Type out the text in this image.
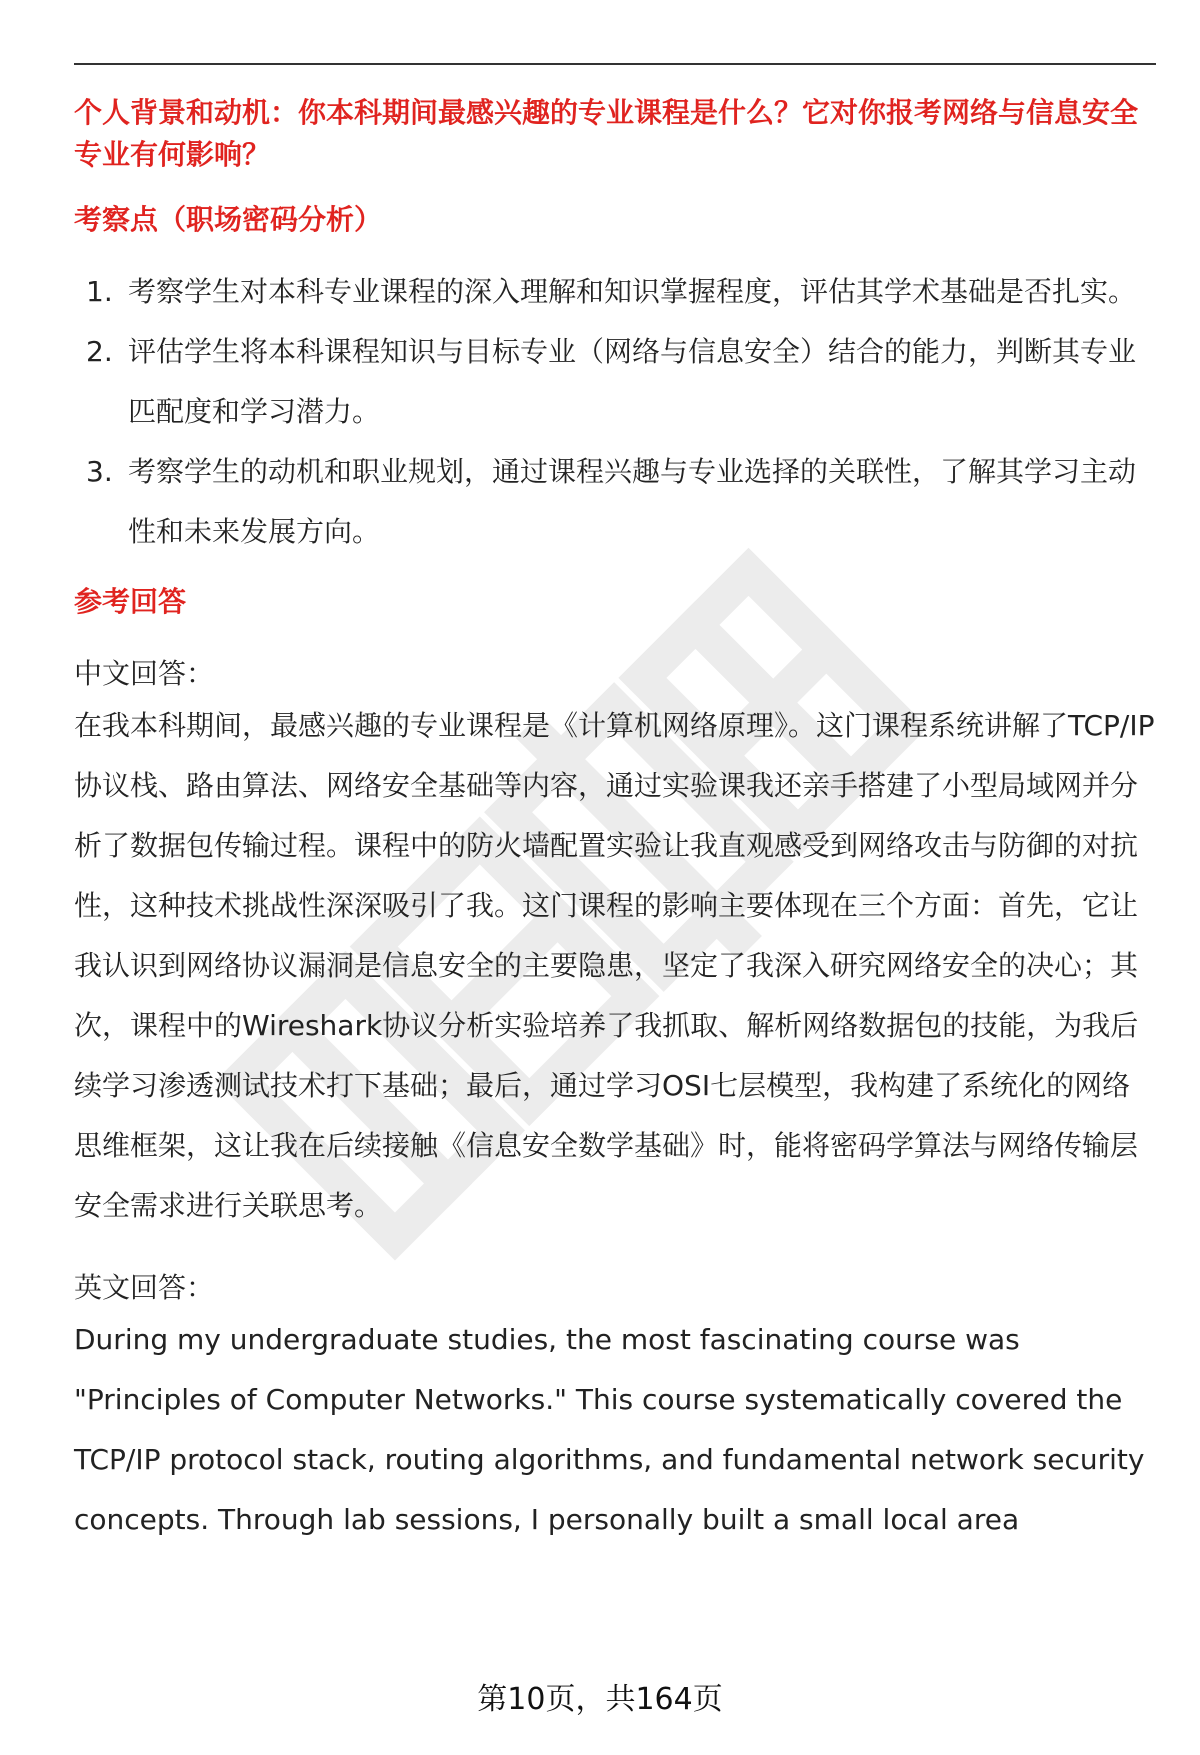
个人背景和动机：你本科期间最感兴趣的专业课程是什么？它对你报考网络与信息安全专业有何影响？

考察点（职场密码分析）

1. 考察学生对本科专业课程的深入理解和知识掌握程度，评估其学术基础是否扎实。
2. 评估学生将本科课程知识与目标专业（网络与信息安全）结合的能力，判断其专业匹配度和学习潜力。
3. 考察学生的动机和职业规划，通过课程兴趣与专业选择的关联性，了解其学习主动性和未来发展方向。

参考回答

中文回答：

在我本科期间，最感兴趣的专业课程是《计算机网络原理》。这门课程系统讲解了TCP/IP协议栈、路由算法、网络安全基础等内容，通过实验课我还亲手搭建了小型局域网并分析了数据包传输过程。课程中的防火墙配置实验让我直观感受到网络攻击与防御的对抗性，这种技术挑战性深深吸引了我。这门课程的影响主要体现在三个方面：首先，它让我认识到网络协议漏洞是信息安全的主要隐患，坚定了我深入研究网络安全的决心；其次，课程中的Wireshark协议分析实验培养了我抓取、解析网络数据包的技能，为我后续学习渗透测试技术打下基础；最后，通过学习OSI七层模型，我构建了系统化的网络思维框架，这让我在后续接触《信息安全数学基础》时，能将密码学算法与网络传输层安全需求进行关联思考。

英文回答：

During my undergraduate studies, the most fascinating course was "Principles of Computer Networks." This course systematically covered the TCP/IP protocol stack, routing algorithms, and fundamental network security concepts. Through lab sessions, I personally built a small local area

第10页，共164页
